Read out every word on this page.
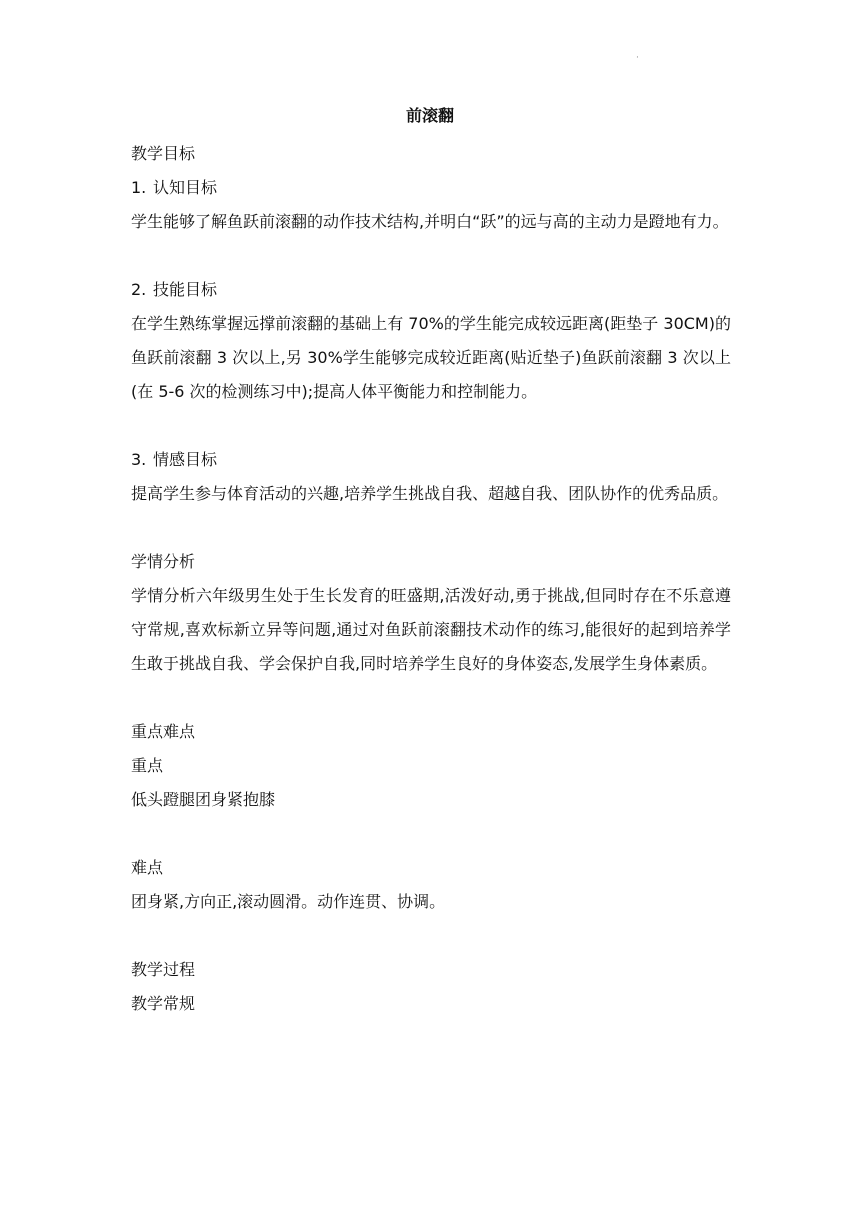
·
前滚翻

教学目标

1. 认知目标

学生能够了解鱼跃前滚翻的动作技术结构,并明白“跃”的远与高的主动力是蹬地有力。

2. 技能目标

在学生熟练掌握远撑前滚翻的基础上有 70%的学生能完成较远距离(距垫子 30CM)的鱼跃前滚翻 3 次以上,另 30%学生能够完成较近距离(贴近垫子)鱼跃前滚翻 3 次以上(在 5-6 次的检测练习中);提高人体平衡能力和控制能力。

3. 情感目标

提高学生参与体育活动的兴趣,培养学生挑战自我、超越自我、团队协作的优秀品质。

学情分析

学情分析六年级男生处于生长发育的旺盛期,活泼好动,勇于挑战,但同时存在不乐意遵守常规,喜欢标新立异等问题,通过对鱼跃前滚翻技术动作的练习,能很好的起到培养学生敢于挑战自我、学会保护自我,同时培养学生良好的身体姿态,发展学生身体素质。

重点难点

重点

低头蹬腿团身紧抱膝

难点

团身紧,方向正,滚动圆滑。动作连贯、协调。

教学过程

教学常规
